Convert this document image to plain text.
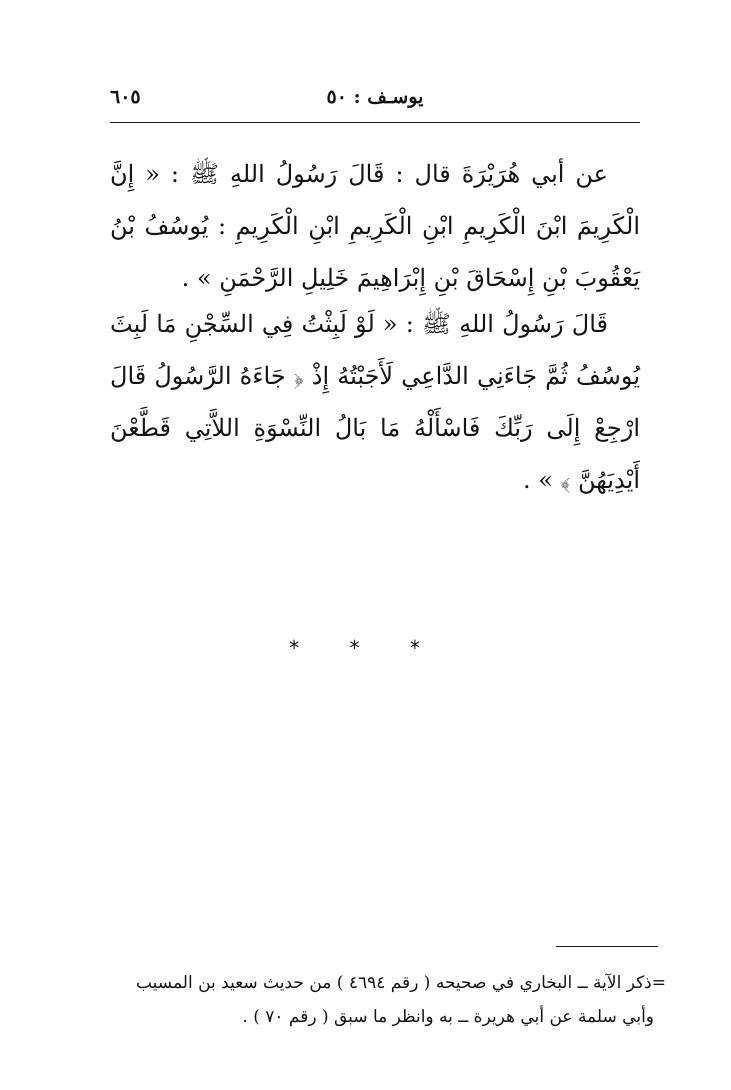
يوسـف : ٥٠
٦٠٥

عن أبي هُرَيْرَةَ قال : قَالَ رَسُولُ اللهِ ﷺ : « إِنَّ الْكَرِيمَ ابْنَ الْكَرِيمِ ابْنِ الْكَرِيمِ ابْنِ الْكَرِيمِ : يُوسُفُ بْنُ يَعْقُوبَ بْنِ إِسْحَاقَ بْنِ إِبْرَاهِيمَ خَلِيلِ الرَّحْمَنِ » .

قَالَ رَسُولُ اللهِ ﷺ : « لَوْ لَبِثْتُ فِي السِّجْنِ مَا لَبِثَ يُوسُفُ ثُمَّ جَاءَنِي الدَّاعِي لَأَجَبْتُهُ إِذْ ﴿ جَاءَهُ الرَّسُولُ قَالَ ارْجِعْ إِلَى رَبِّكَ فَاسْأَلْهُ مَا بَالُ النِّسْوَةِ اللاَّتِي قَطَّعْنَ أَيْدِيَهُنَّ ﴾ » .

* * *
=ذكر الآية ــ البخاري في صحيحه ( رقم ٤٦٩٤ ) من حديث سعيد بن المسيب
وأبي سلمة عن أبي هريرة ــ به وانظر ما سبق ( رقم ٧٠ ) .
